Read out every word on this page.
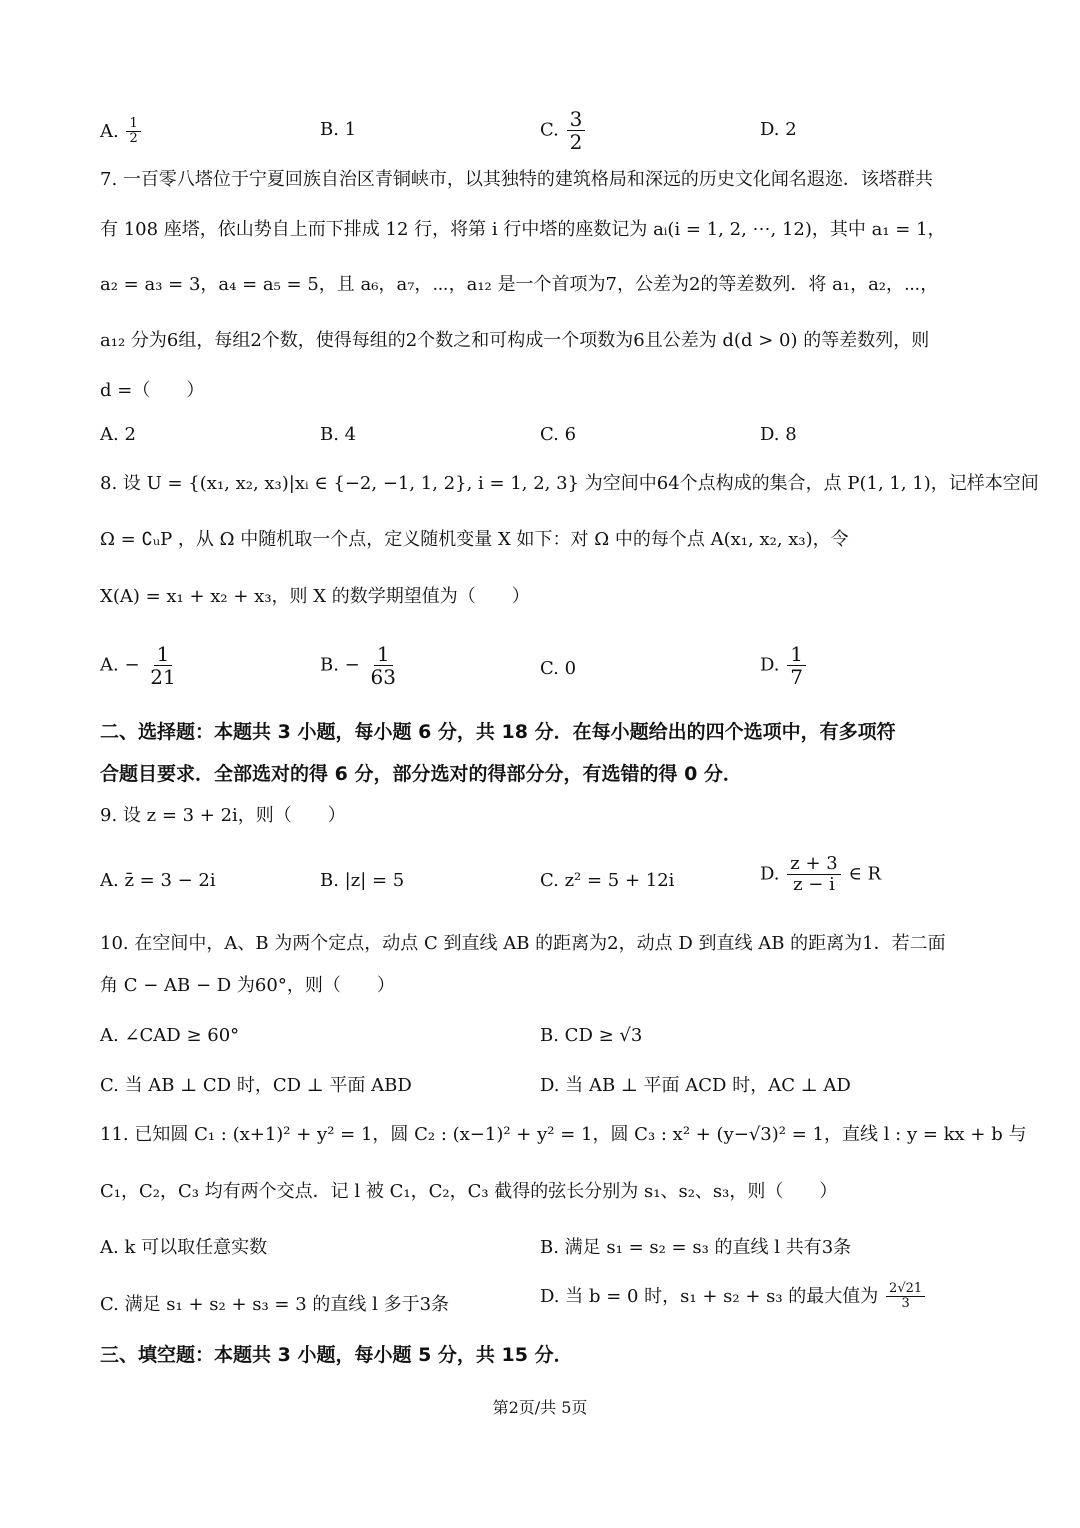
A. $\frac{1}{2}$	B. 1	C. $\frac{3}{2}$	D. 2
7. 一百零八塔位于宁夏回族自治区青铜峡市，以其独特的建筑格局和深远的历史文化闻名遐迩．该塔群共
有 108 座塔，依山势自上而下排成 12 行，将第 i 行中塔的座数记为 aᵢ(i = 1, 2, ⋯, 12)，其中 a₁ = 1，
a₂ = a₃ = 3，a₄ = a₅ = 5，且 a₆，a₇，⋯，a₁₂ 是一个首项为7，公差为2的等差数列．将 a₁，a₂，⋯，
a₁₂ 分为6组，每组2个数，使得每组的2个数之和可构成一个项数为6且公差为 d(d > 0) 的等差数列，则
d =（　　）
A. 2	B. 4	C. 6	D. 8
8. 设 U = {(x₁, x₂, x₃)|xᵢ ∈ {−2, −1, 1, 2}, i = 1, 2, 3} 为空间中64个点构成的集合，点 P(1, 1, 1)，记样本空间
Ω = ∁ᵤP ，从 Ω 中随机取一个点，定义随机变量 X 如下：对 Ω 中的每个点 A(x₁, x₂, x₃)，令
X(A) = x₁ + x₂ + x₃，则 X 的数学期望值为（　　）
A. − $\frac{1}{21}$	B. − $\frac{1}{63}$	C. 0	D. $\frac{1}{7}$
二、选择题：本题共 3 小题，每小题 6 分，共 18 分．在每小题给出的四个选项中，有多项符
合题目要求．全部选对的得 6 分，部分选对的得部分分，有选错的得 0 分．
9. 设 z = 3 + 2i，则（　　）
A. z̄ = 3 − 2i	B. |z| = 5	C. z² = 5 + 12i	D. $\frac{z + 3}{z - i}$ ∈ R
10. 在空间中，A、B 为两个定点，动点 C 到直线 AB 的距离为2，动点 D 到直线 AB 的距离为1．若二面
角 C − AB − D 为60°，则（　　）
A. ∠CAD ≥ 60°	B. CD ≥ √3
C. 当 AB ⊥ CD 时，CD ⊥ 平面 ABD	D. 当 AB ⊥ 平面 ACD 时，AC ⊥ AD
11. 已知圆 C₁ : (x+1)² + y² = 1，圆 C₂ : (x−1)² + y² = 1，圆 C₃ : x² + (y−√3)² = 1，直线 l : y = kx + b 与
C₁，C₂，C₃ 均有两个交点．记 l 被 C₁，C₂，C₃ 截得的弦长分别为 s₁、s₂、s₃，则（　　）
A. k 可以取任意实数	B. 满足 s₁ = s₂ = s₃ 的直线 l 共有3条
C. 满足 s₁ + s₂ + s₃ = 3 的直线 l 多于3条	D. 当 b = 0 时，s₁ + s₂ + s₃ 的最大值为 $\frac{2√21}{3}$
三、填空题：本题共 3 小题，每小题 5 分，共 15 分．
第2页/共 5页
